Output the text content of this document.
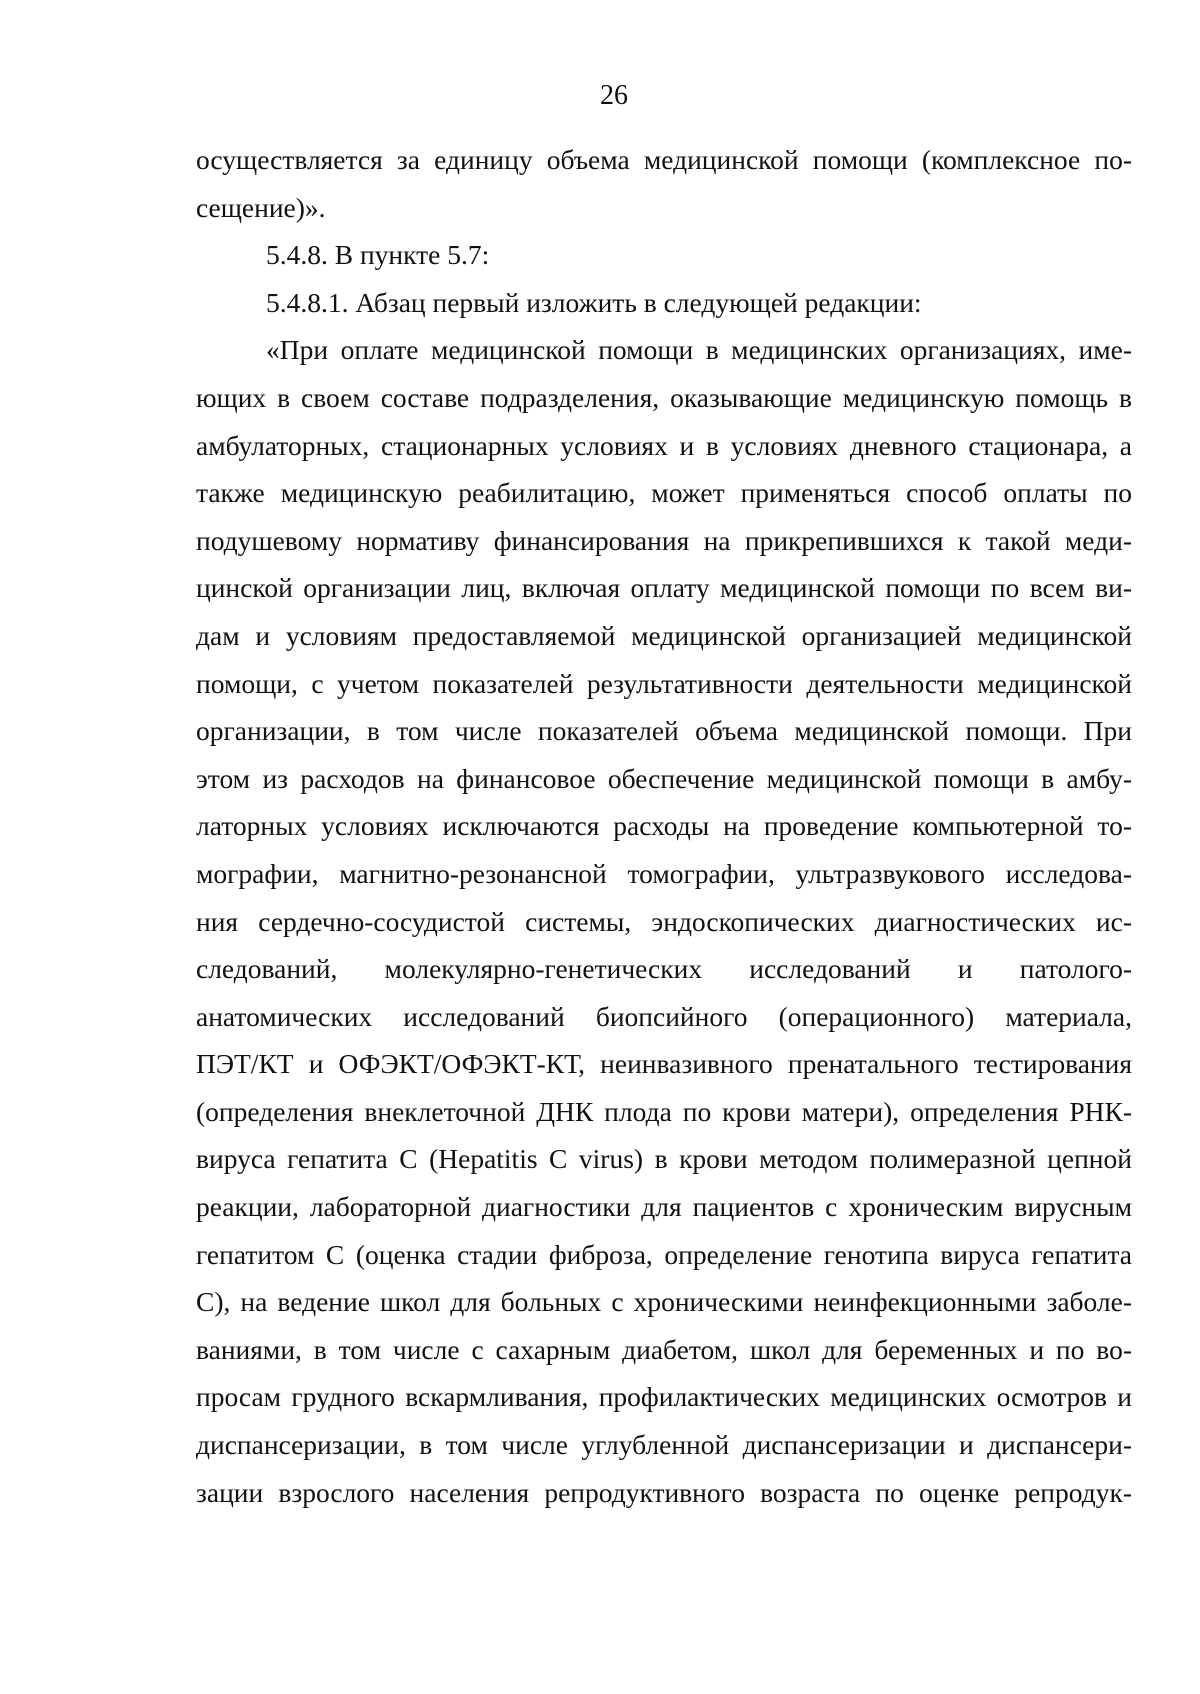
26
осуществляется за единицу объема медицинской помощи (комплексное по-
сещение)».
5.4.8. В пункте 5.7:
5.4.8.1. Абзац первый изложить в следующей редакции:
«При оплате медицинской помощи в медицинских организациях, име-
ющих в своем составе подразделения, оказывающие медицинскую помощь в
амбулаторных, стационарных условиях и в условиях дневного стационара, а
также медицинскую реабилитацию, может применяться способ оплаты по
подушевому нормативу финансирования на прикрепившихся к такой меди-
цинской организации лиц, включая оплату медицинской помощи по всем ви-
дам и условиям предоставляемой медицинской организацией медицинской
помощи, с учетом показателей результативности деятельности медицинской
организации, в том числе показателей объема медицинской помощи. При
этом из расходов на финансовое обеспечение медицинской помощи в амбу-
латорных условиях исключаются расходы на проведение компьютерной то-
мографии, магнитно-резонансной томографии, ультразвукового исследова-
ния сердечно-сосудистой системы, эндоскопических диагностических ис-
следований, молекулярно-генетических исследований и патолого-
анатомических исследований биопсийного (операционного) материала,
ПЭТ/КТ и ОФЭКТ/ОФЭКТ-КТ, неинвазивного пренатального тестирования
(определения внеклеточной ДНК плода по крови матери), определения РНК-
вируса гепатита С (Hepatitis C virus) в крови методом полимеразной цепной
реакции, лабораторной диагностики для пациентов с хроническим вирусным
гепатитом С (оценка стадии фиброза, определение генотипа вируса гепатита
С), на ведение школ для больных с хроническими неинфекционными заболе-
ваниями, в том числе с сахарным диабетом, школ для беременных и по во-
просам грудного вскармливания, профилактических медицинских осмотров и
диспансеризации, в том числе углубленной диспансеризации и диспансери-
зации взрослого населения репродуктивного возраста по оценке репродук-
